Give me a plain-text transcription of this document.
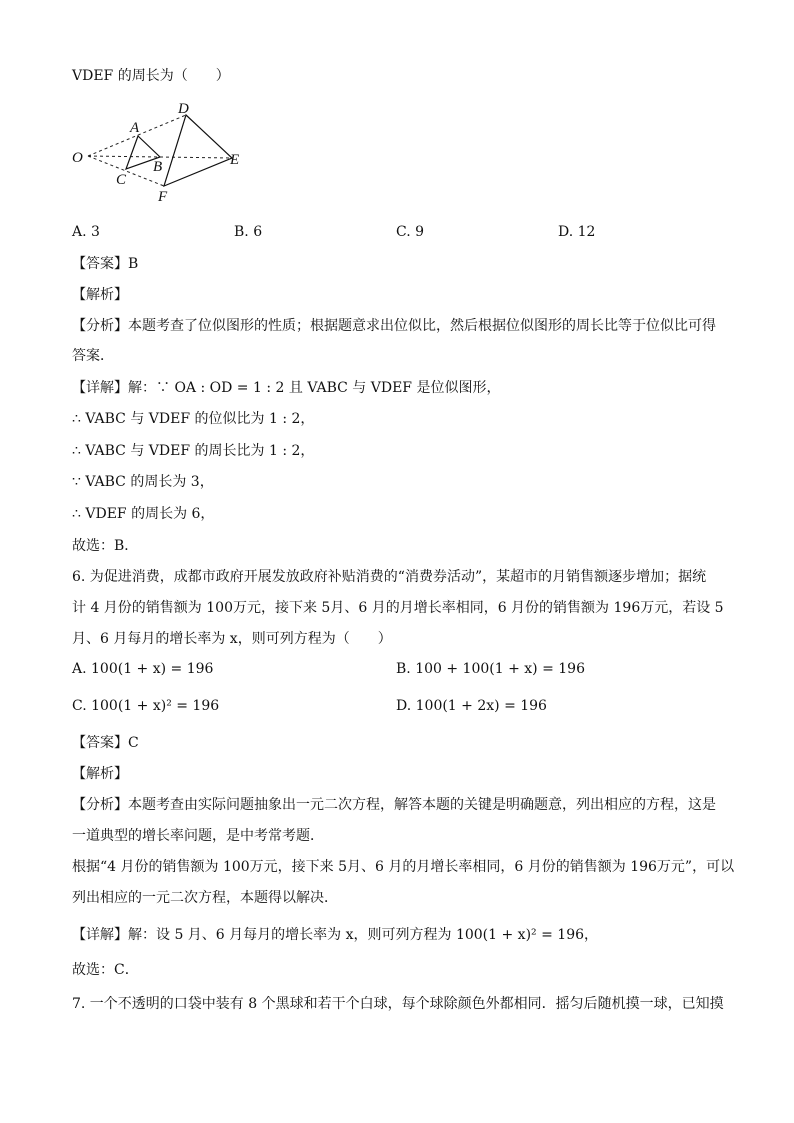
VDEF 的周长为（　　）
O
A
B
C
D
E
F
A. 3	B. 6	C. 9	D. 12
【答案】B
【解析】
【分析】本题考查了位似图形的性质；根据题意求出位似比，然后根据位似图形的周长比等于位似比可得
答案．
【详解】解：∵ OA : OD = 1 : 2 且 VABC 与 VDEF 是位似图形，
∴ VABC 与 VDEF 的位似比为 1 : 2，
∴ VABC 与 VDEF 的周长比为 1 : 2，
∵ VABC 的周长为 3，
∴ VDEF 的周长为 6，
故选：B．
6. 为促进消费，成都市政府开展发放政府补贴消费的“消费券活动”，某超市的月销售额逐步增加；据统
计 4 月份的销售额为 100万元，接下来 5月、6 月的月增长率相同，6 月份的销售额为 196万元，若设 5
月、6 月每月的增长率为 x，则可列方程为（　　）
A. 100(1 + x) = 196	B. 100 + 100(1 + x) = 196
C. 100(1 + x)² = 196	D. 100(1 + 2x) = 196
【答案】C
【解析】
【分析】本题考查由实际问题抽象出一元二次方程，解答本题的关键是明确题意，列出相应的方程，这是
一道典型的增长率问题，是中考常考题．
根据“4 月份的销售额为 100万元，接下来 5月、6 月的月增长率相同，6 月份的销售额为 196万元”，可以
列出相应的一元二次方程，本题得以解决．
【详解】解：设 5 月、6 月每月的增长率为 x，则可列方程为 100(1 + x)² = 196，
故选：C．
7. 一个不透明的口袋中装有 8 个黑球和若干个白球，每个球除颜色外都相同．摇匀后随机摸一球，已知摸
